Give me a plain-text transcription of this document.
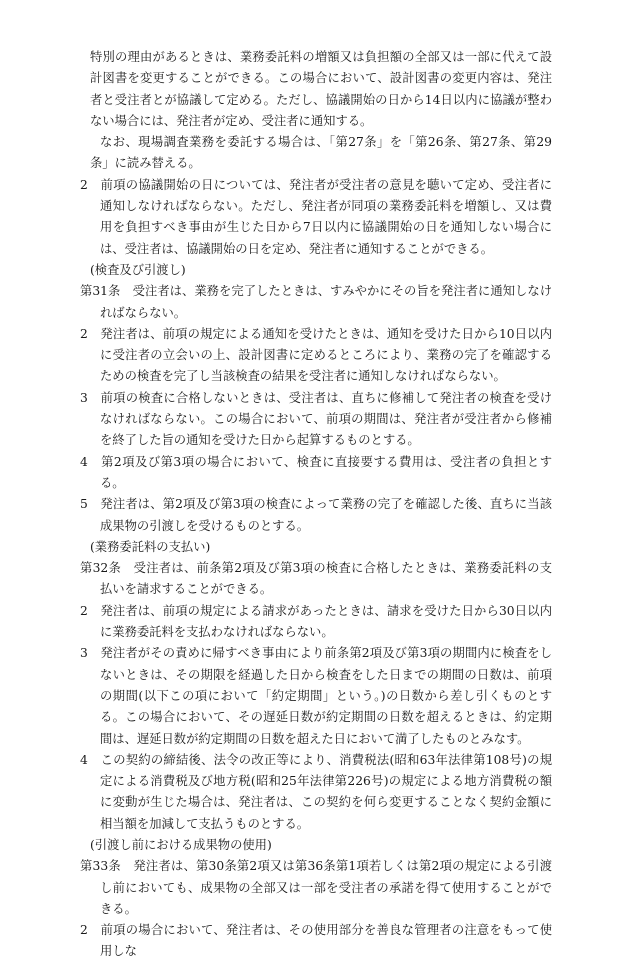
特別の理由があるときは、業務委託料の増額又は負担額の全部又は一部に代えて設計図書を変更することができる。この場合において、設計図書の変更内容は、発注者と受注者とが協議して定める。ただし、協議開始の日から14日以内に協議が整わない場合には、発注者が定め、受注者に通知する。

なお、現場調査業務を委託する場合は、「第27条」を「第26条、第27条、第29条」に読み替える。

2　前項の協議開始の日については、発注者が受注者の意見を聴いて定め、受注者に通知しなければならない。ただし、発注者が同項の業務委託料を増額し、又は費用を負担すべき事由が生じた日から7日以内に協議開始の日を通知しない場合には、受注者は、協議開始の日を定め、発注者に通知することができる。

(検査及び引渡し)

第31条　受注者は、業務を完了したときは、すみやかにその旨を発注者に通知しなければならない。

2　発注者は、前項の規定による通知を受けたときは、通知を受けた日から10日以内に受注者の立会いの上、設計図書に定めるところにより、業務の完了を確認するための検査を完了し当該検査の結果を受注者に通知しなければならない。

3　前項の検査に合格しないときは、受注者は、直ちに修補して発注者の検査を受けなければならない。この場合において、前項の期間は、発注者が受注者から修補を終了した旨の通知を受けた日から起算するものとする。

4　第2項及び第3項の場合において、検査に直接要する費用は、受注者の負担とする。

5　発注者は、第2項及び第3項の検査によって業務の完了を確認した後、直ちに当該成果物の引渡しを受けるものとする。

(業務委託料の支払い)

第32条　受注者は、前条第2項及び第3項の検査に合格したときは、業務委託料の支払いを請求することができる。

2　発注者は、前項の規定による請求があったときは、請求を受けた日から30日以内に業務委託料を支払わなければならない。

3　発注者がその責めに帰すべき事由により前条第2項及び第3項の期間内に検査をしないときは、その期限を経過した日から検査をした日までの期間の日数は、前項の期間(以下この項において「約定期間」という。)の日数から差し引くものとする。この場合において、その遅延日数が約定期間の日数を超えるときは、約定期間は、遅延日数が約定期間の日数を超えた日において満了したものとみなす。

4　この契約の締結後、法令の改正等により、消費税法(昭和63年法律第108号)の規定による消費税及び地方税(昭和25年法律第226号)の規定による地方消費税の額に変動が生じた場合は、発注者は、この契約を何ら変更することなく契約金額に相当額を加減して支払うものとする。

(引渡し前における成果物の使用)

第33条　発注者は、第30条第2項又は第36条第1項若しくは第2項の規定による引渡し前においても、成果物の全部又は一部を受注者の承諾を得て使用することができる。

2　前項の場合において、発注者は、その使用部分を善良な管理者の注意をもって使用しな
